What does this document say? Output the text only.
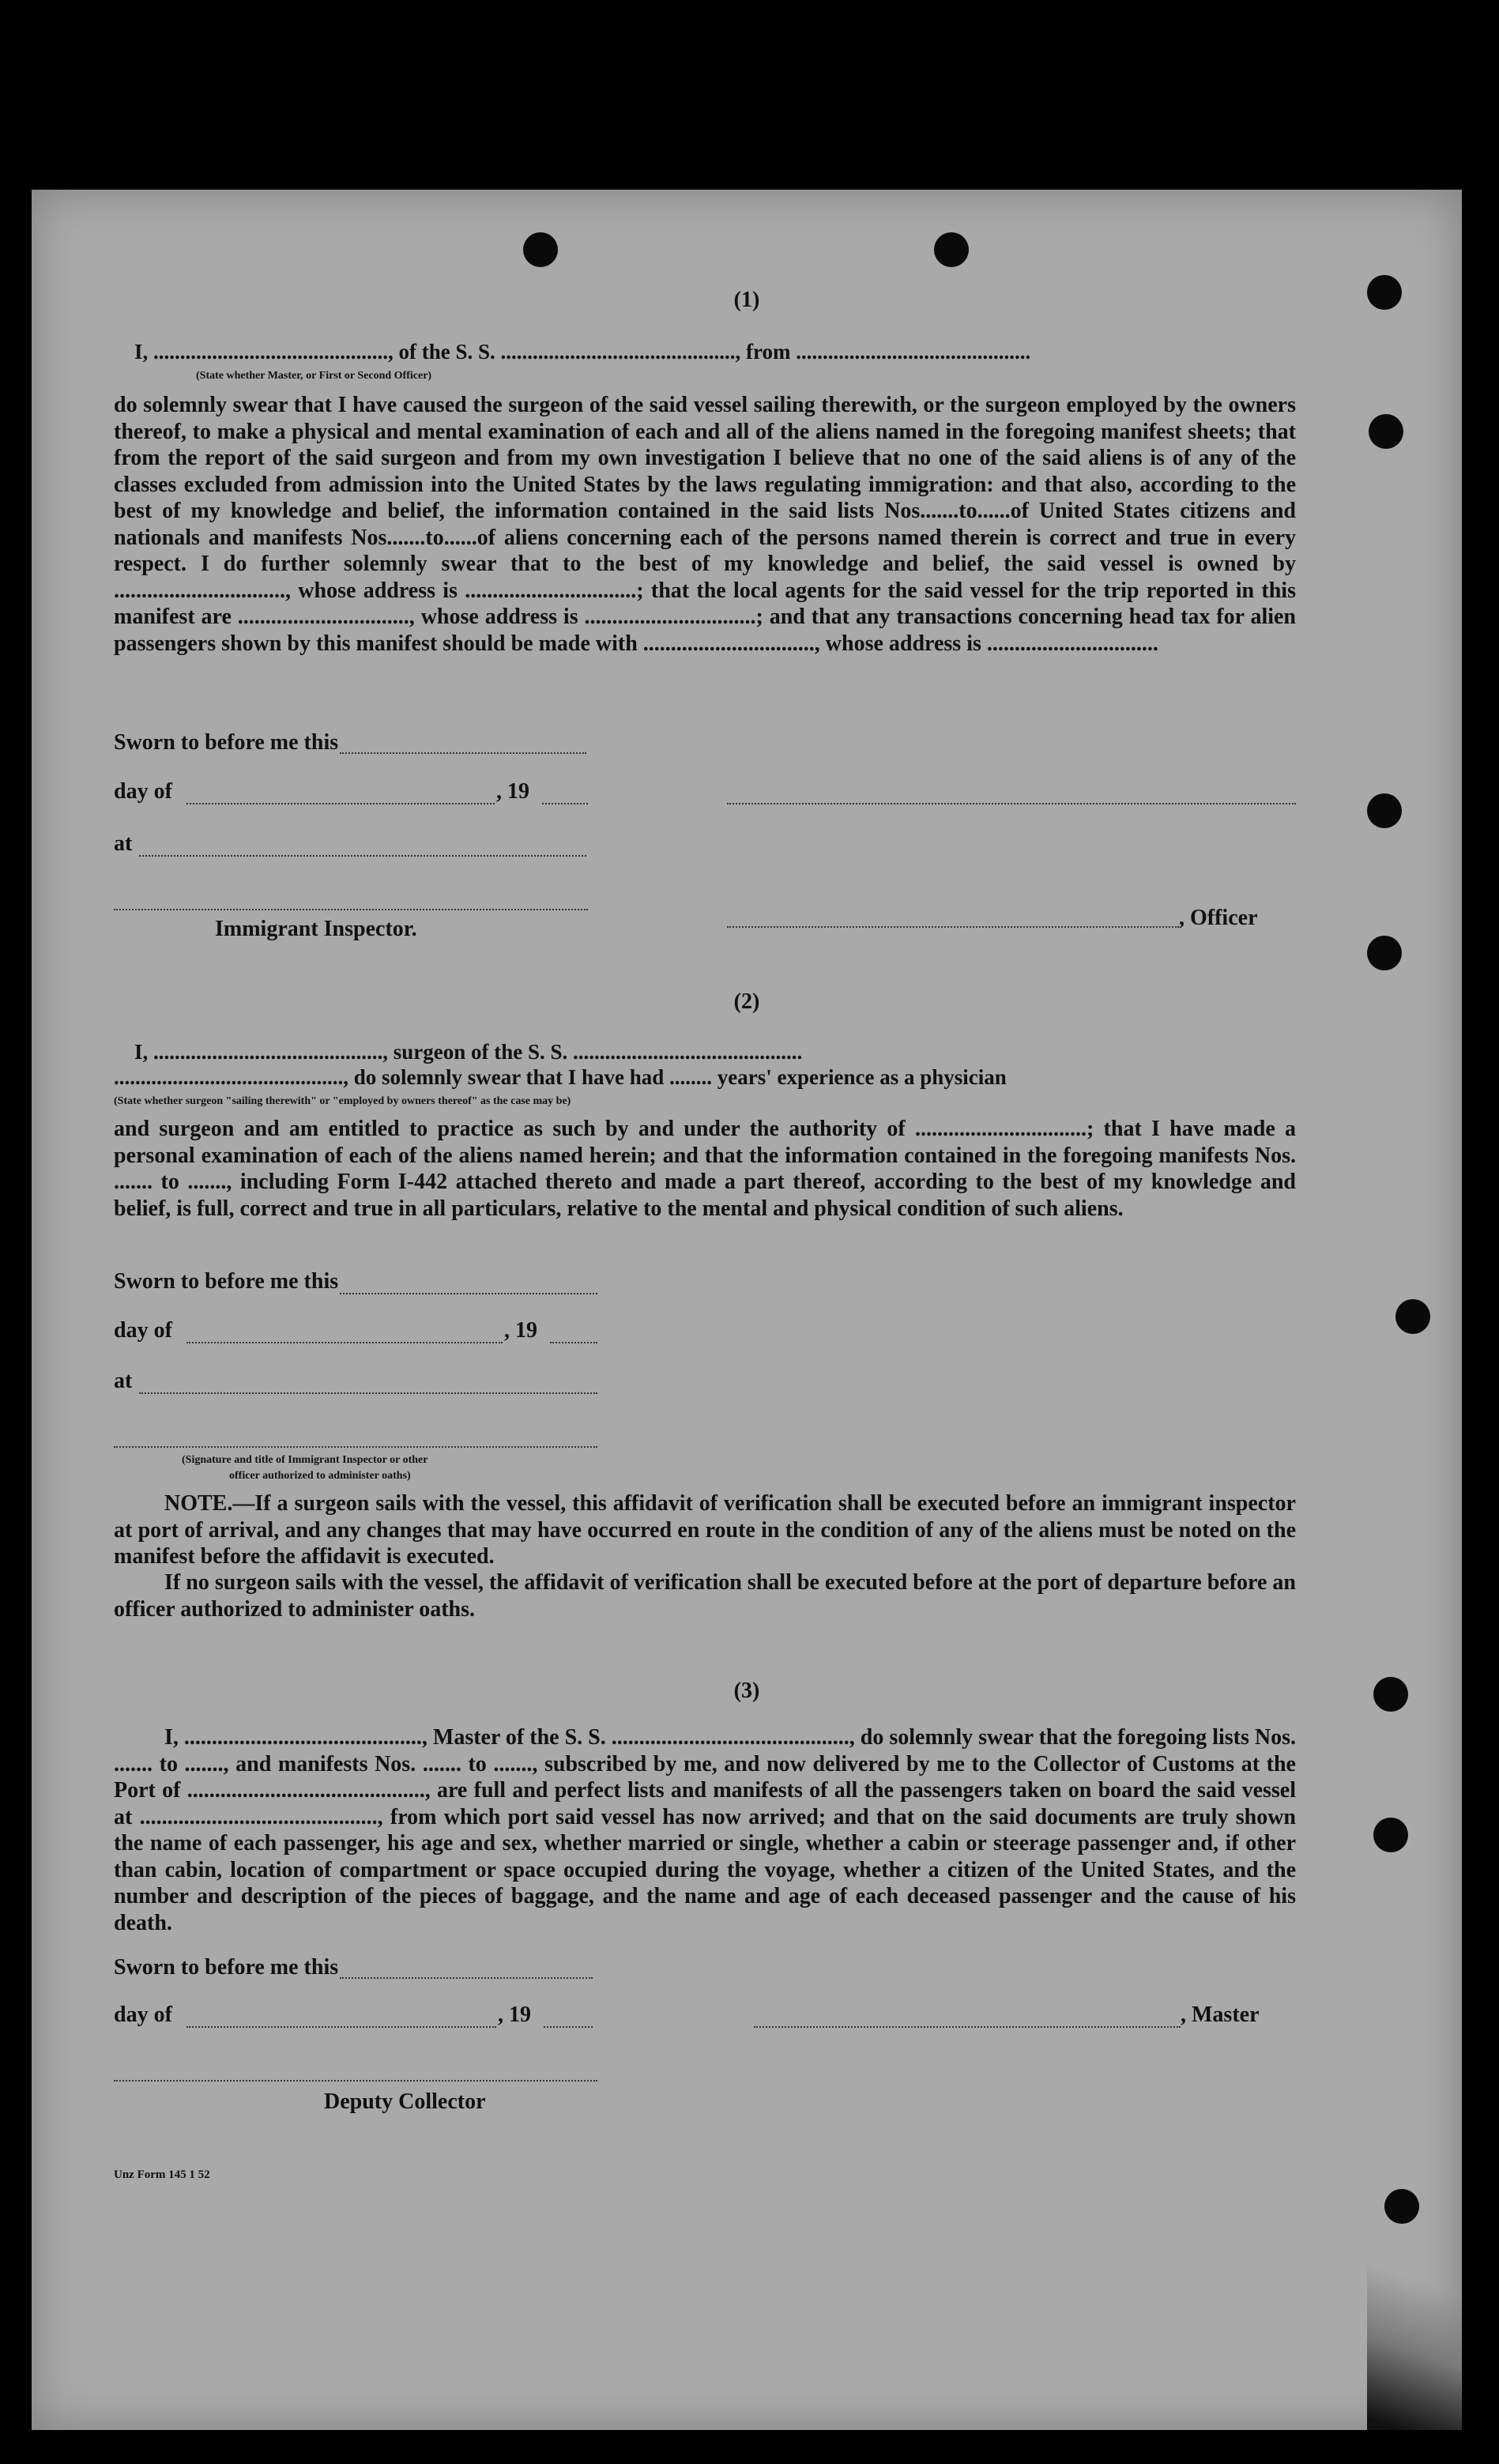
(1)
I, ............................................, of the S. S. ............................................, from ............................................
(State whether Master, or First or Second Officer)
do solemnly swear that I have caused the surgeon of the said vessel sailing therewith, or the surgeon employed by the owners thereof, to make a physical and mental examination of each and all of the aliens named in the foregoing manifest sheets; that from the report of the said surgeon and from my own investigation I believe that no one of the said aliens is of any of the classes excluded from admission into the United States by the laws regulating immigration: and that also, according to the best of my knowledge and belief, the information contained in the said lists Nos.......to......of United States citizens and nationals and manifests Nos.......to......of aliens concerning each of the persons named therein is correct and true in every respect. I do further solemnly swear that to the best of my knowledge and belief, the said vessel is owned by ..............................., whose address is ...............................; that the local agents for the said vessel for the trip reported in this manifest are ..............................., whose address is ...............................; and that any transactions concerning head tax for alien passengers shown by this manifest should be made with ..............................., whose address is ...............................
Sworn to before me this
day of	, 19
at
Immigrant Inspector.	, Officer
(2)
I, ..........................................., surgeon of the S. S. ...........................................
..........................................., do solemnly swear that I have had ........ years' experience as a physician
(State whether surgeon "sailing therewith" or "employed by owners thereof" as the case may be)
and surgeon and am entitled to practice as such by and under the authority of ...............................; that I have made a personal examination of each of the aliens named herein; and that the information contained in the foregoing manifests Nos. ....... to ......., including Form I-442 attached thereto and made a part thereof, according to the best of my knowledge and belief, is full, correct and true in all particulars, relative to the mental and physical condition of such aliens.
Sworn to before me this
day of	, 19
at
(Signature and title of Immigrant Inspector or other
officer authorized to administer oaths)
NOTE.—If a surgeon sails with the vessel, this affidavit of verification shall be executed before an immigrant inspector at port of arrival, and any changes that may have occurred en route in the condition of any of the aliens must be noted on the manifest before the affidavit is executed.
If no surgeon sails with the vessel, the affidavit of verification shall be executed before at the port of departure before an officer authorized to administer oaths.
(3)
I, ..........................................., Master of the S. S. ..........................................., do solemnly swear that the foregoing lists Nos. ....... to ......., and manifests Nos. ....... to ......., subscribed by me, and now delivered by me to the Collector of Customs at the Port of ..........................................., are full and perfect lists and manifests of all the passengers taken on board the said vessel at ..........................................., from which port said vessel has now arrived; and that on the said documents are truly shown the name of each passenger, his age and sex, whether married or single, whether a cabin or steerage passenger and, if other than cabin, location of compartment or space occupied during the voyage, whether a citizen of the United States, and the number and description of the pieces of baggage, and the name and age of each deceased passenger and the cause of his death.
Sworn to before me this
day of	, 19	, Master
Deputy Collector
Unz Form 145 1 52
